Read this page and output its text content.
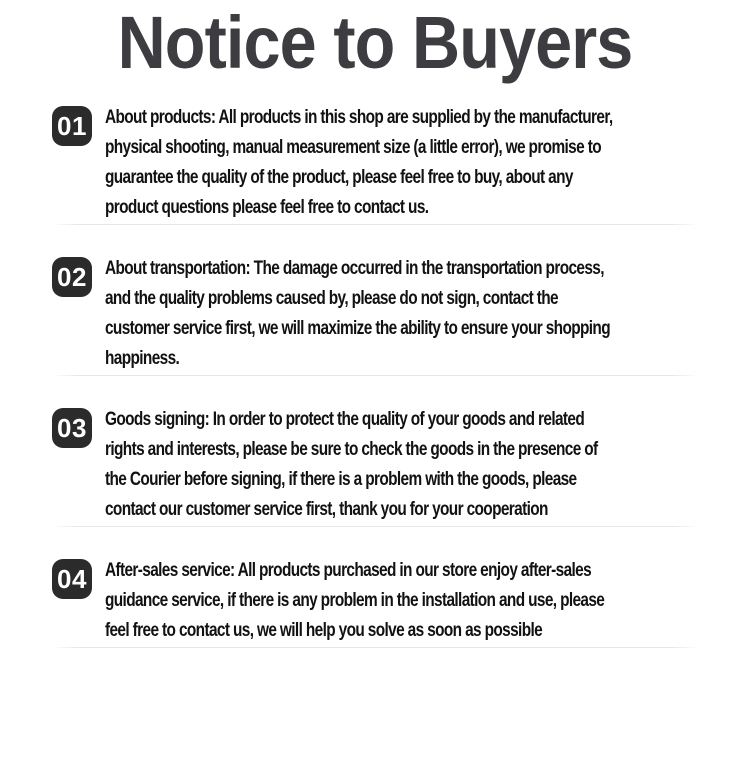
Notice to Buyers
01 About products: All products in this shop are supplied by the manufacturer, physical shooting, manual measurement size (a little error), we promise to guarantee the quality of the product, please feel free to buy, about any product questions please feel free to contact us.
02 About transportation: The damage occurred in the transportation process, and the quality problems caused by, please do not sign, contact the customer service first, we will maximize the ability to ensure your shopping happiness.
03 Goods signing: In order to protect the quality of your goods and related rights and interests, please be sure to check the goods in the presence of the Courier before signing, if there is a problem with the goods, please contact our customer service first, thank you for your cooperation
04 After-sales service: All products purchased in our store enjoy after-sales guidance service, if there is any problem in the installation and use, please feel free to contact us, we will help you solve as soon as possible
